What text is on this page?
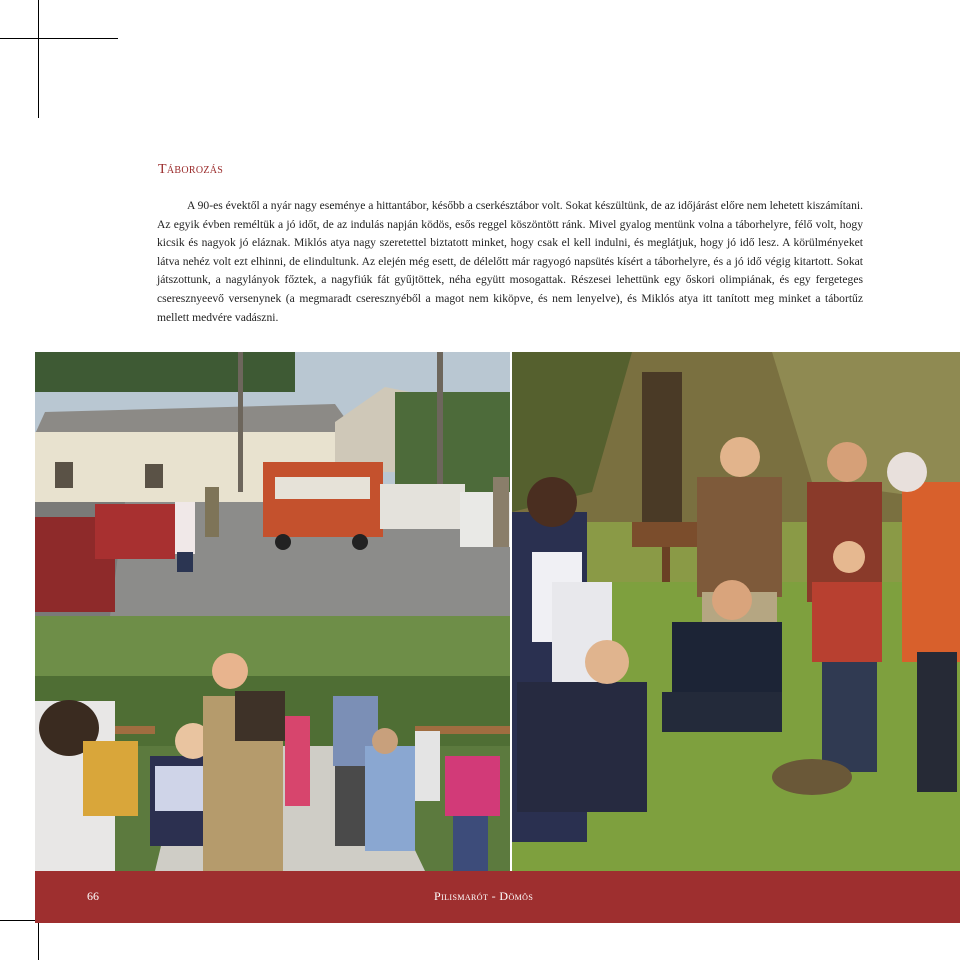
Táborozás

A 90-es évektől a nyár nagy eseménye a hittantábor, később a cserkésztábor volt. Sokat készültünk, de az időjárást előre nem lehetett kiszámítani. Az egyik évben reméltük a jó időt, de az indulás napján ködös, esős reggel köszöntött ránk. Mivel gyalog mentünk volna a táborhelyre, félő volt, hogy kicsik és nagyok jó eláznak. Miklós atya nagy szeretettel biztatott minket, hogy csak el kell indulni, és meglátjuk, hogy jó idő lesz. A körülményeket látva nehéz volt ezt elhinni, de elindultunk. Az elején még esett, de délelőtt már ragyogó napsütés kísért a táborhelyre, és a jó idő végig kitartott. Sokat játszottunk, a nagylányok főztek, a nagyfiúk fát gyűjtöttek, néha együtt mosogattak. Részesei lehettünk egy őskori olimpiának, és egy fergeteges cseresznyeevő versenynek (a megmaradt cseresznyéből a magot nem kiköpve, és nem lenyelve), és Miklós atya itt tanított meg minket a tábortűz mellett medvére vadászni.

66	Pilismarót - Dömös
